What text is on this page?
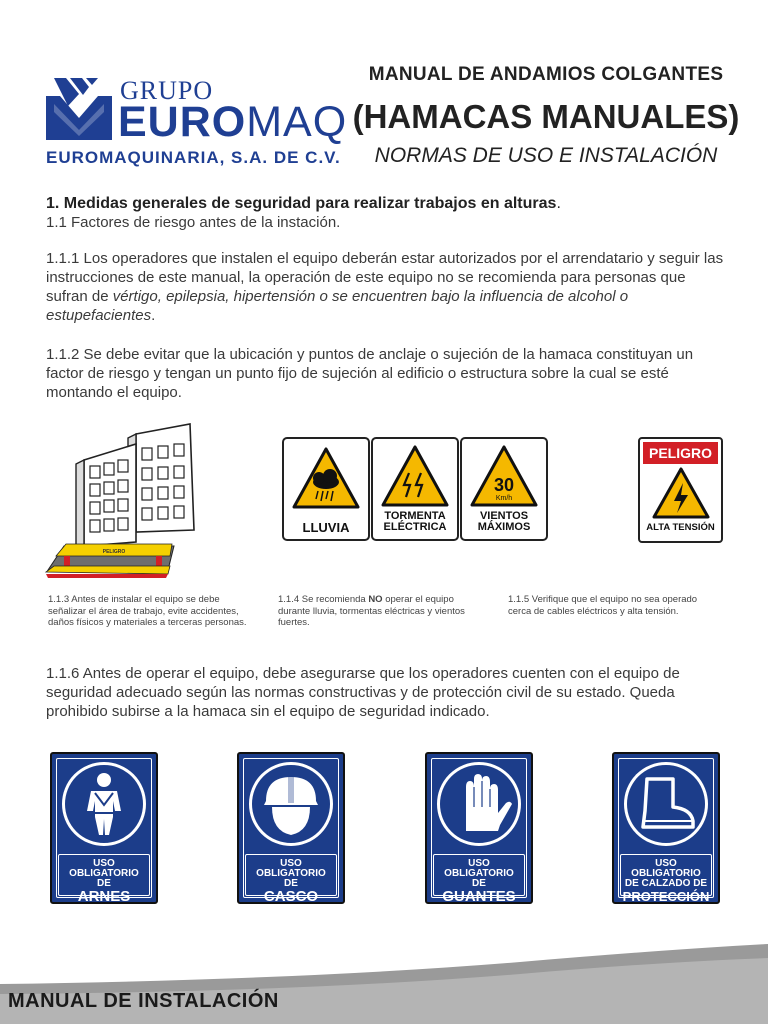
GRUPO
EUROMAQ
EUROMAQUINARIA, S.A. DE C.V.
MANUAL DE ANDAMIOS COLGANTES
(HAMACAS MANUALES)
NORMAS DE USO E INSTALACIÓN
1. Medidas generales de seguridad para realizar trabajos en alturas.
1.1 Factores de riesgo antes de la instación.
1.1.1 Los operadores que instalen el equipo deberán estar autorizados por el arrendatario y seguir las instrucciones de este manual, la operación de este equipo no se recomienda para personas que sufran de vértigo, epilepsia, hipertensión o se encuentren bajo la influencia de alcohol o estupefacientes.
1.1.2 Se debe evitar que la ubicación y puntos de anclaje o sujeción de la hamaca constituyan un factor de riesgo y tengan un punto fijo de sujeción al edificio o estructura sobre la cual se esté montando el equipo.
PELIGRO
LLUVIA
TORMENTA
ELÉCTRICA
30
Km/h
VIENTOS
MÁXIMOS
PELIGRO
ALTA TENSIÓN
1.1.3 Antes de instalar el equipo se debe señalizar el área de trabajo, evite accidentes, daños físicos y materiales a terceras personas.
1.1.4 Se recomienda NO operar el equipo durante lluvia, tormentas eléctricas y vientos fuertes.
1.1.5 Verifique que el equipo no sea operado cerca de cables eléctricos y alta tensión.
1.1.6 Antes de operar el equipo, debe asegurarse que los operadores cuenten con el equipo de seguridad adecuado según las normas constructivas y de protección civil de su estado. Queda prohibido subirse a la hamaca sin el equipo de seguridad indicado.
USO OBLIGATORIO
DE
ARNES
USO OBLIGATORIO
DE
CASCO
USO OBLIGATORIO
DE
GUANTES
USO OBLIGATORIO
DE CALZADO DE
PROTECCIÓN
MANUAL DE INSTALACIÓN
